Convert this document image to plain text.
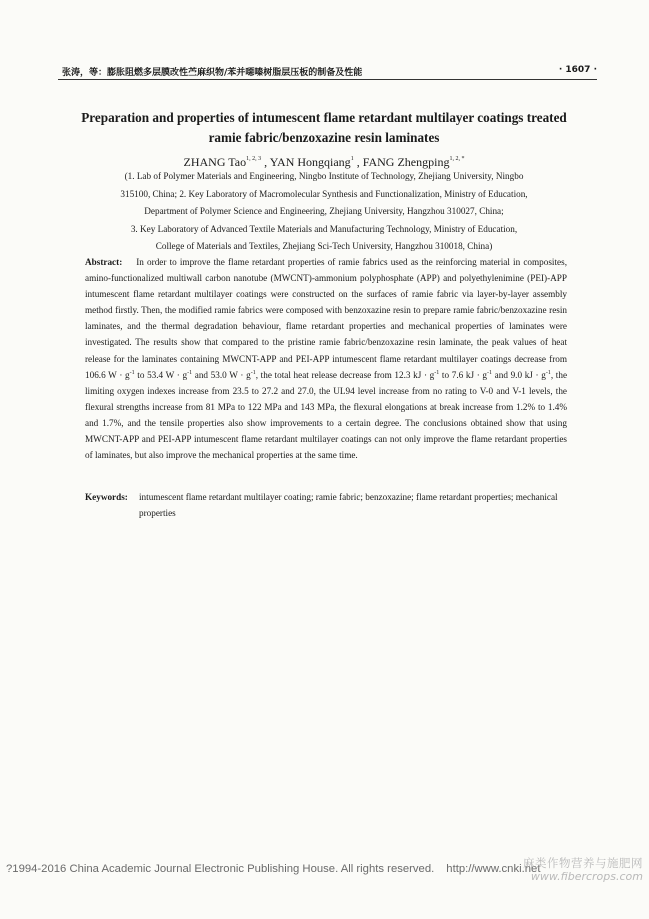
张涛，等：膨胀阻燃多层膜改性苎麻织物/苯并噁嗪树脂层压板的制备及性能	· 1607 ·
Preparation and properties of intumescent flame retardant multilayer coatings treated
ramie fabric/benzoxazine resin laminates
ZHANG Tao$^{1, 2, 3}$ , YAN Hongqiang$^1$ , FANG Zhengping$^{1, 2, *}$
(1. Lab of Polymer Materials and Engineering, Ningbo Institute of Technology, Zhejiang University, Ningbo
315100, China; 2. Key Laboratory of Macromolecular Synthesis and Functionalization, Ministry of Education,
Department of Polymer Science and Engineering, Zhejiang University, Hangzhou 310027, China;
3. Key Laboratory of Advanced Textile Materials and Manufacturing Technology, Ministry of Education,
College of Materials and Textiles, Zhejiang Sci-Tech University, Hangzhou 310018, China)
Abstract: In order to improve the flame retardant properties of ramie fabrics used as the reinforcing material in composites, amino-functionalized multiwall carbon nanotube (MWCNT)-ammonium polyphosphate (APP) and polyethylenimine (PEI)-APP intumescent flame retardant multilayer coatings were constructed on the surfaces of ramie fabric via layer-by-layer assembly method firstly. Then, the modified ramie fabrics were composed with benzoxazine resin to prepare ramie fabric/benzoxazine resin laminates, and the thermal degradation behaviour, flame retardant properties and mechanical properties of laminates were investigated. The results show that compared to the pristine ramie fabric/benzoxazine resin laminate, the peak values of heat release for the laminates containing MWCNT-APP and PEI-APP intumescent flame retardant multilayer coatings decrease from 106.6 $W \cdot g^{-1}$ to 53.4 $W \cdot g^{-1}$ and 53.0 $W \cdot g^{-1}$, the total heat release decrease from 12.3 kJ · $g^{-1}$ to 7.6 kJ · $g^{-1}$ and 9.0 kJ · $g^{-1}$, the limiting oxygen indexes increase from 23.5 to 27.2 and 27.0, the UL94 level increase from no rating to V-0 and V-1 levels, the flexural strengths increase from 81 MPa to 122 MPa and 143 MPa, the flexural elongations at break increase from 1.2% to 1.4% and 1.7%, and the tensile properties also show improvements to a certain degree. The conclusions obtained show that using MWCNT-APP and PEI-APP intumescent flame retardant multilayer coatings can not only improve the flame retardant properties of laminates, but also improve the mechanical properties at the same time.
Keywords: intumescent flame retardant multilayer coating; ramie fabric; benzoxazine; flame retardant properties; mechanical properties
?1994-2016 China Academic Journal Electronic Publishing House. All rights reserved. http://www.cnki.net
麻类作物营养与施肥网
www.fibercrops.com
